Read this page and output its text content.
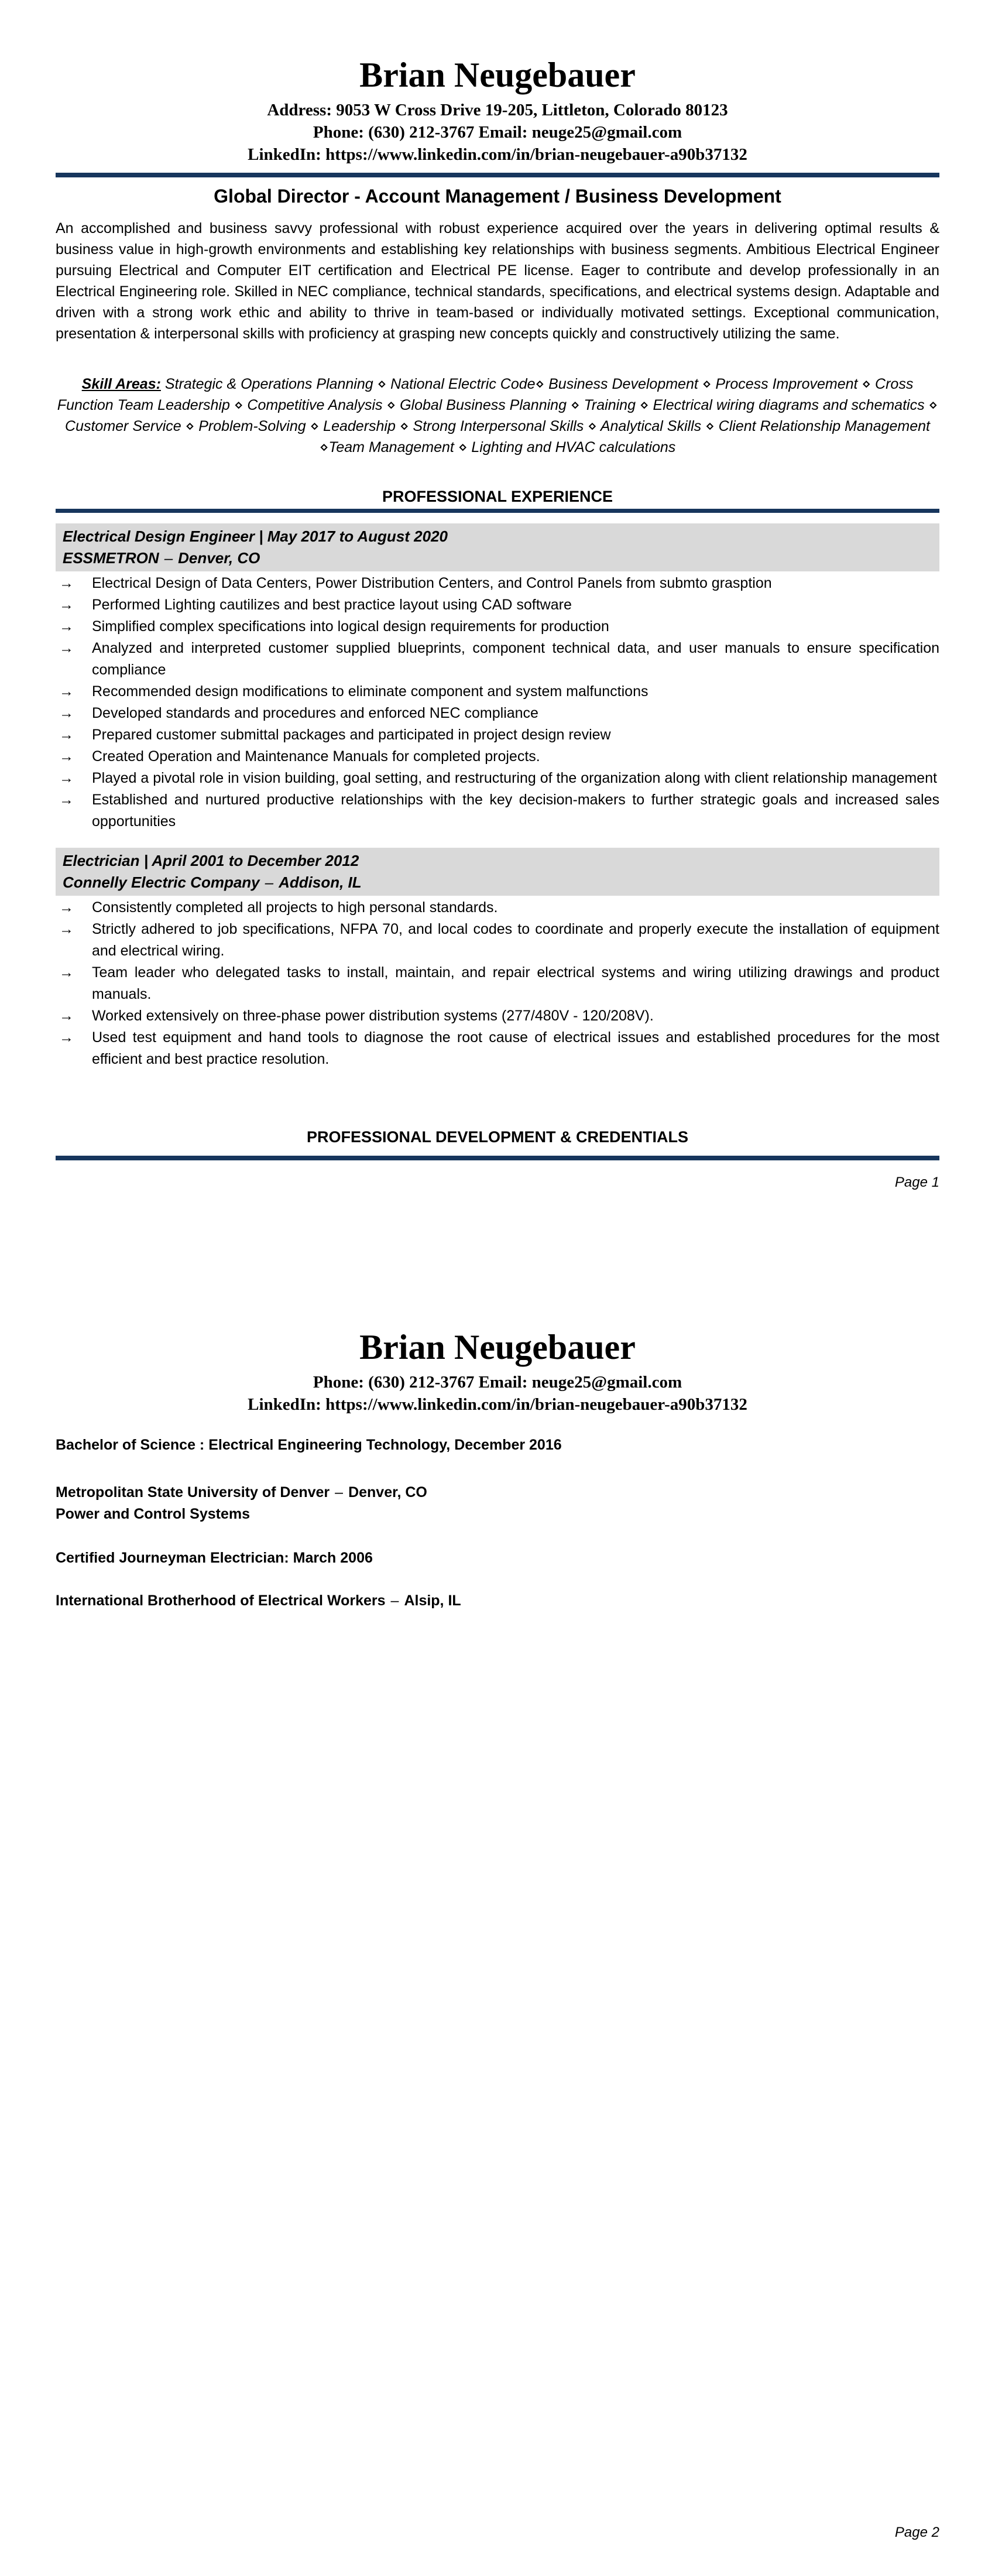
Brian Neugebauer
Address: 9053 W Cross Drive 19-205, Littleton, Colorado 80123
Phone: (630) 212-3767 Email: neuge25@gmail.com
LinkedIn: https://www.linkedin.com/in/brian-neugebauer-a90b37132
Global Director - Account Management / Business Development
An accomplished and business savvy professional with robust experience acquired over the years in delivering optimal results & business value in high-growth environments and establishing key relationships with business segments. Ambitious Electrical Engineer pursuing Electrical and Computer EIT certification and Electrical PE license. Eager to contribute and develop professionally in an Electrical Engineering role. Skilled in NEC compliance, technical standards, specifications, and electrical systems design. Adaptable and driven with a strong work ethic and ability to thrive in team-based or individually motivated settings. Exceptional communication, presentation & interpersonal skills with proficiency at grasping new concepts quickly and constructively utilizing the same.
Skill Areas: Strategic & Operations Planning ⋄ National Electric Code⋄ Business Development ⋄ Process Improvement ⋄ Cross Function Team Leadership ⋄ Competitive Analysis ⋄ Global Business Planning ⋄ Training ⋄ Electrical wiring diagrams and schematics ⋄ Customer Service ⋄ Problem-Solving ⋄ Leadership ⋄ Strong Interpersonal Skills ⋄ Analytical Skills ⋄ Client Relationship Management ⋄Team Management ⋄ Lighting and HVAC calculations
PROFESSIONAL EXPERIENCE
Electrical Design Engineer | May 2017 to August 2020
ESSMETRON – Denver, CO
→	Electrical Design of Data Centers, Power Distribution Centers, and Control Panels from submto grasption
→	Performed Lighting cautilizes and best practice layout using CAD software
→	Simplified complex specifications into logical design requirements for production
→	Analyzed and interpreted customer supplied blueprints, component technical data, and user manuals to ensure specification compliance
→	Recommended design modifications to eliminate component and system malfunctions
→	Developed standards and procedures and enforced NEC compliance
→	Prepared customer submittal packages and participated in project design review
→	Created Operation and Maintenance Manuals for completed projects.
→	Played a pivotal role in vision building, goal setting, and restructuring of the organization along with client relationship management
→	Established and nurtured productive relationships with the key decision-makers to further strategic goals and increased sales opportunities
Electrician | April 2001 to December 2012
Connelly Electric Company – Addison, IL
→	Consistently completed all projects to high personal standards.
→	Strictly adhered to job specifications, NFPA 70, and local codes to coordinate and properly execute the installation of equipment and electrical wiring.
→	Team leader who delegated tasks to install, maintain, and repair electrical systems and wiring utilizing drawings and product manuals.
→	Worked extensively on three-phase power distribution systems (277/480V - 120/208V).
→	Used test equipment and hand tools to diagnose the root cause of electrical issues and established procedures for the most efficient and best practice resolution.
PROFESSIONAL DEVELOPMENT & CREDENTIALS
Page 1
Brian Neugebauer
Phone: (630) 212-3767 Email: neuge25@gmail.com
LinkedIn: https://www.linkedin.com/in/brian-neugebauer-a90b37132
Bachelor of Science : Electrical Engineering Technology, December 2016
Metropolitan State University of Denver – Denver, CO
Power and Control Systems
Certified Journeyman Electrician: March 2006
International Brotherhood of Electrical Workers – Alsip, IL
Page 2
